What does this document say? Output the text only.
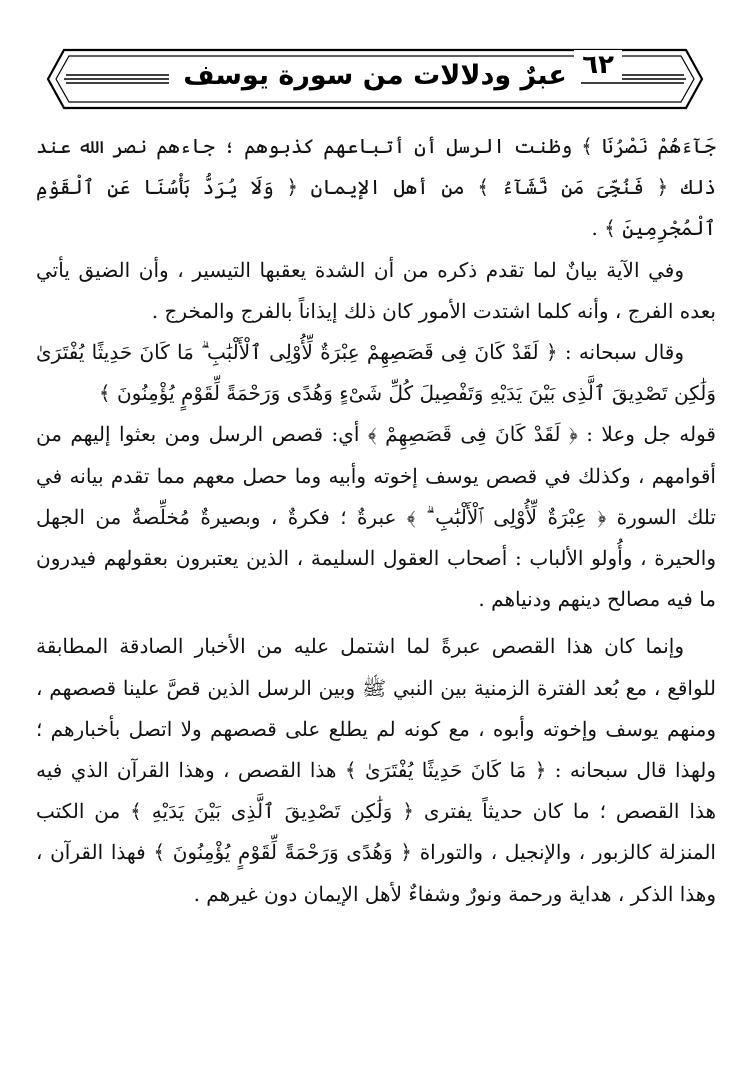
عبرٌ ودلالات من سورة يوسف ٦٢

جَآءَهُمْ نَصْرُنَا ﴾ وظنت الرسل أن أتباعهم كذبوهم ؛ جاءهم نصر الله عند ذلك ﴿ فَنُجِّىَ مَن نَّشَآءُ ﴾ من أهل الإيمان ﴿ وَلَا يُرَدُّ بَأْسُنَا عَنِ ٱلْقَوْمِ ٱلْمُجْرِمِينَ ﴾ .

وفي الآية بيانٌ لما تقدم ذكره من أن الشدة يعقبها التيسير ، وأن الضيق يأتي بعده الفرج ، وأنه كلما اشتدت الأمور كان ذلك إيذاناً بالفرج والمخرج .

وقال سبحانه : ﴿ لَقَدْ كَانَ فِى قَصَصِهِمْ عِبْرَةٌ لِّأُوْلِى ٱلْأَلْبَٰبِ ۗ مَا كَانَ حَدِيثًا يُفْتَرَىٰ وَلَٰكِن تَصْدِيقَ ٱلَّذِى بَيْنَ يَدَيْهِ وَتَفْصِيلَ كُلِّ شَىْءٍ وَهُدًى وَرَحْمَةً لِّقَوْمٍ يُؤْمِنُونَ ﴾

قوله جل وعلا : ﴿ لَقَدْ كَانَ فِى قَصَصِهِمْ ﴾ أي: قصص الرسل ومن بعثوا إليهم من أقوامهم ، وكذلك في قصص يوسف إخوته وأبيه وما حصل معهم مما تقدم بيانه في تلك السورة ﴿ عِبْرَةٌ لِّأُوْلِى ٱلْأَلْبَٰبِ ۗ ﴾ عبرةٌ ؛ فكرةٌ ، وبصيرةٌ مُخلِّصةٌ من الجهل والحيرة ، وأُولو الألباب : أصحاب العقول السليمة ، الذين يعتبرون بعقولهم فيدرون ما فيه مصالح دينهم ودنياهم .

وإنما كان هذا القصص عبرةً لما اشتمل عليه من الأخبار الصادقة المطابقة للواقع ، مع بُعد الفترة الزمنية بين النبي ﷺ وبين الرسل الذين قصَّ علينا قصصهم ، ومنهم يوسف وإخوته وأبوه ، مع كونه لم يطلع على قصصهم ولا اتصل بأخبارهم ؛ ولهذا قال سبحانه : ﴿ مَا كَانَ حَدِيثًا يُفْتَرَىٰ ﴾ هذا القصص ، وهذا القرآن الذي فيه هذا القصص ؛ ما كان حديثاً يفترى ﴿ وَلَٰكِن تَصْدِيقَ ٱلَّذِى بَيْنَ يَدَيْهِ ﴾ من الكتب المنزلة كالزبور ، والإنجيل ، والتوراة ﴿ وَهُدًى وَرَحْمَةً لِّقَوْمٍ يُؤْمِنُونَ ﴾ فهذا القرآن ، وهذا الذكر ، هداية ورحمة ونورٌ وشفاءٌ لأهل الإيمان دون غيرهم .
